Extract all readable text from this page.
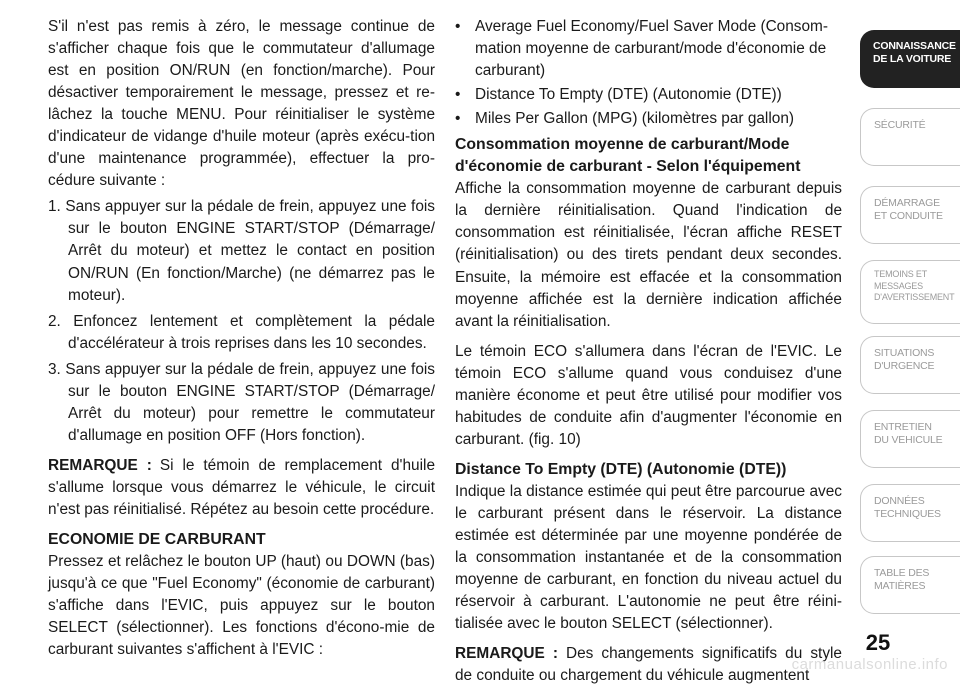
S'il n'est pas remis à zéro, le message continue de s'afficher chaque fois que le commutateur d'allumage est en position ON/RUN (en fonction/marche). Pour désactiver temporairement le message, pressez et re-lâchez la touche MENU. Pour réinitialiser le système d'indicateur de vidange d'huile moteur (après exécu-tion d'une maintenance programmée), effectuer la pro-cédure suivante :

1. Sans appuyer sur la pédale de frein, appuyez une fois sur le bouton ENGINE START/STOP (Démarrage/ Arrêt du moteur) et mettez le contact en position ON/RUN (En fonction/Marche) (ne démarrez pas le moteur).
2. Enfoncez lentement et complètement la pédale d'accélérateur à trois reprises dans les 10 secondes.
3. Sans appuyer sur la pédale de frein, appuyez une fois sur le bouton ENGINE START/STOP (Démarrage/ Arrêt du moteur) pour remettre le commutateur d'allumage en position OFF (Hors fonction).

REMARQUE : Si le témoin de remplacement d'huile s'allume lorsque vous démarrez le véhicule, le circuit n'est pas réinitialisé. Répétez au besoin cette procédure.

ECONOMIE DE CARBURANT

Pressez et relâchez le bouton UP (haut) ou DOWN (bas) jusqu'à ce que "Fuel Economy" (économie de carburant) s'affiche dans l'EVIC, puis appuyez sur le bouton SELECT (sélectionner). Les fonctions d'écono-mie de carburant suivantes s'affichent à l'EVIC :

• Average Fuel Economy/Fuel Saver Mode (Consom-mation moyenne de carburant/mode d'économie de carburant)
• Distance To Empty (DTE) (Autonomie (DTE))
• Miles Per Gallon (MPG) (kilomètres par gallon)

Consommation moyenne de carburant/Mode d'économie de carburant - Selon l'équipement

Affiche la consommation moyenne de carburant depuis la dernière réinitialisation. Quand l'indication de consommation est réinitialisée, l'écran affiche RESET (réinitialisation) ou des tirets pendant deux secondes. Ensuite, la mémoire est effacée et la consommation moyenne affichée est la dernière indication affichée avant la réinitialisation.

Le témoin ECO s'allumera dans l'écran de l'EVIC. Le témoin ECO s'allume quand vous conduisez d'une manière économe et peut être utilisé pour modifier vos habitudes de conduite afin d'augmenter l'économie en carburant. (fig. 10)

Distance To Empty (DTE) (Autonomie (DTE))

Indique la distance estimée qui peut être parcourue avec le carburant présent dans le réservoir. La distance estimée est déterminée par une moyenne pondérée de la consommation instantanée et de la consommation moyenne de carburant, en fonction du niveau actuel du réservoir à carburant. L'autonomie ne peut être réini-tialisée avec le bouton SELECT (sélectionner).

REMARQUE : Des changements significatifs du style de conduite ou chargement du véhicule augmentent

CONNAISSANCE
DE LA VOITURE
SÉCURITÉ
DÉMARRAGE
ET CONDUITE
TEMOINS ET
MESSAGES
D'AVERTISSEMENT
SITUATIONS
D'URGENCE
ENTRETIEN
DU VEHICULE
DONNÉES
TECHNIQUES
TABLE DES
MATIÈRES
25
carmanualsonline.info
